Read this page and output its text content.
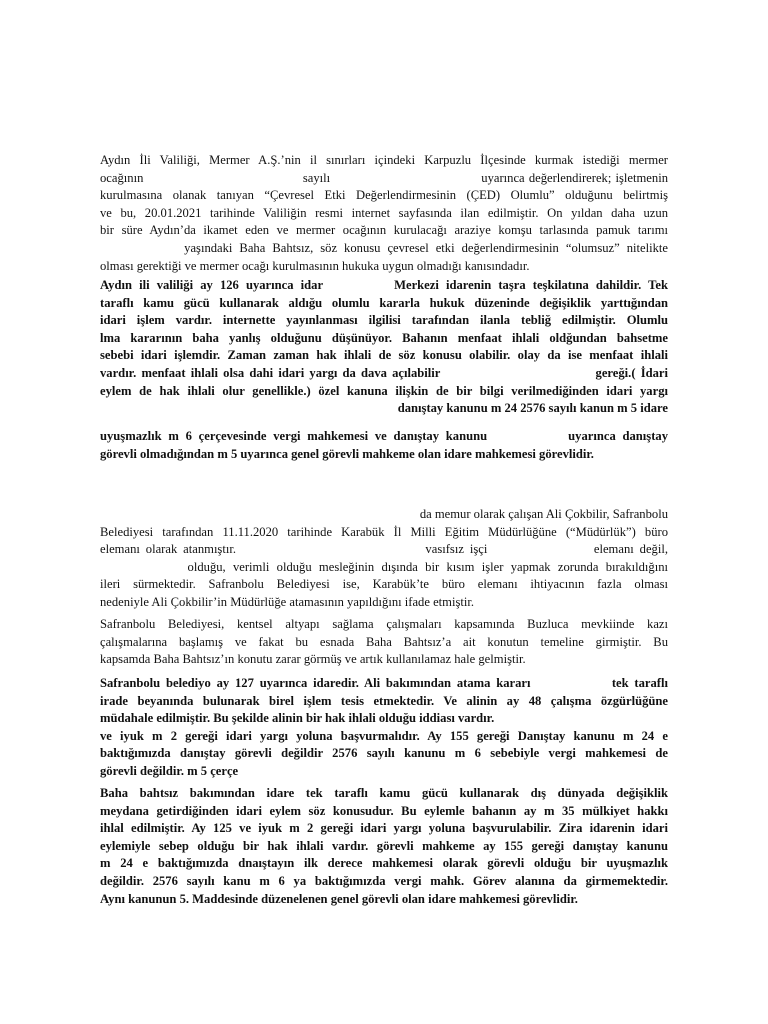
Aydın İli Valiliği, Mermer A.Ş.’nin il sınırları içindeki Karpuzlu İlçesinde kurmak istediği mermer
ocağının                                      sayılı                                    uyarınca değerlendirerek; işletmenin
kurulmasına olanak tanıyan “Çevresel Etki Değerlendirmesinin (ÇED) Olumlu” olduğunu belirtmiş
ve bu, 20.01.2021 tarihinde Valiliğin resmi internet sayfasında ilan edilmiştir. On yıldan daha uzun
bir süre Aydın’da ikamet eden ve mermer ocağının kurulacağı araziye komşu tarlasında pamuk tarımı
yaşındaki Baha Bahtsız, söz konusu çevresel etki değerlendirmesinin “olumsuz” nitelikte
olması gerektiği ve mermer ocağı kurulmasının hukuka uygun olmadığı kanısındadır.
Aydın ili valiliği ay 126 uyarınca idar          Merkezi idarenin taşra teşkilatına dahildir. Tek
taraflı kamu gücü kullanarak aldığu olumlu kararla hukuk düzeninde değişiklik yarttığından
idari işlem vardır. internette yayınlanması ilgilisi tarafından ilanla tebliğ edilmiştir. Olumlu
lma kararının baha yanlış olduğunu düşünüyor. Bahanın menfaat ihlali oldğundan bahsetme
sebebi idari işlemdir. Zaman zaman hak ihlali de söz konusu olabilir. olay da ise menfaat ihlali
vardır. menfaat ihlali olsa dahi idari yargı da dava açılabilir                              gereği.( İdari
eylem de hak ihlali olur genellikle.) özel kanuna ilişkin de bir bilgi verilmediğinden idari yargı
danıştay kanunu m 24 2576 sayılı kanun m 5 idare
uyuşmazlık m 6 çerçevesinde vergi mahkemesi ve danıştay kanunu            uyarınca danıştay
görevli olmadığından m 5 uyarınca genel görevli mahkeme olan idare mahkemesi görevlidir.
da memur olarak çalışan Ali Çokbilir, Safranbolu
Belediyesi tarafından 11.11.2020 tarihinde Karabük İl Milli Eğitim Müdürlüğüne (“Müdürlük”) büro
elemanı olarak atanmıştır.                                vasıfsız işçi                  elemanı değil,
olduğu, verimli olduğu mesleğinin dışında bir kısım işler yapmak zorunda bırakıldığını
ileri sürmektedir. Safranbolu Belediyesi ise, Karabük’te büro elemanı ihtiyacının fazla olması
nedeniyle Ali Çokbilir’in Müdürlüğe atamasının yapıldığını ifade etmiştir.
Safranbolu Belediyesi, kentsel altyapı sağlama çalışmaları kapsamında Buzluca mevkiinde kazı
çalışmalarına başlamış ve fakat bu esnada Baha Bahtsız’a ait konutun temeline girmiştir. Bu
kapsamda Baha Bahtsız’ın konutu zarar görmüş ve artık kullanılamaz hale gelmiştir.
Safranbolu belediyo ay 127 uyarınca idaredir. Ali bakımından atama kararı              tek taraflı
irade beyanında bulunarak birel işlem tesis etmektedir. Ve alinin ay 48 çalışma özgürlüğüne
müdahale edilmiştir. Bu şekilde alinin bir hak ihlali olduğu iddiası vardır.
ve iyuk m 2 gereği idari yargı yoluna başvurmalıdır. Ay 155 gereği Danıştay kanunu m 24 e
baktığımızda danıştay görevli değildir 2576 sayılı kanunu m 6 sebebiyle vergi mahkemesi de
görevli değildir. m 5 çerçe
Baha bahtsız bakımından idare tek taraflı kamu gücü kullanarak dış dünyada değişiklik
meydana getirdiğinden idari eylem söz konusudur. Bu eylemle bahanın ay m 35 mülkiyet hakkı
ihlal edilmiştir. Ay 125 ve iyuk m 2 gereği idari yargı yoluna başvurulabilir. Zira idarenin idari
eylemiyle sebep olduğu bir hak ihlali vardır. görevli mahkeme ay 155 gereği danıştay kanunu
m 24 e baktığımızda dnaıştayın ilk derece mahkemesi olarak görevli olduğu bir uyuşmazlık
değildir. 2576 sayılı kanu m 6 ya baktığımızda vergi mahk. Görev alanına da girmemektedir.
Aynı kanunun 5. Maddesinde düzenelenen genel görevli olan idare mahkemesi görevlidir.
